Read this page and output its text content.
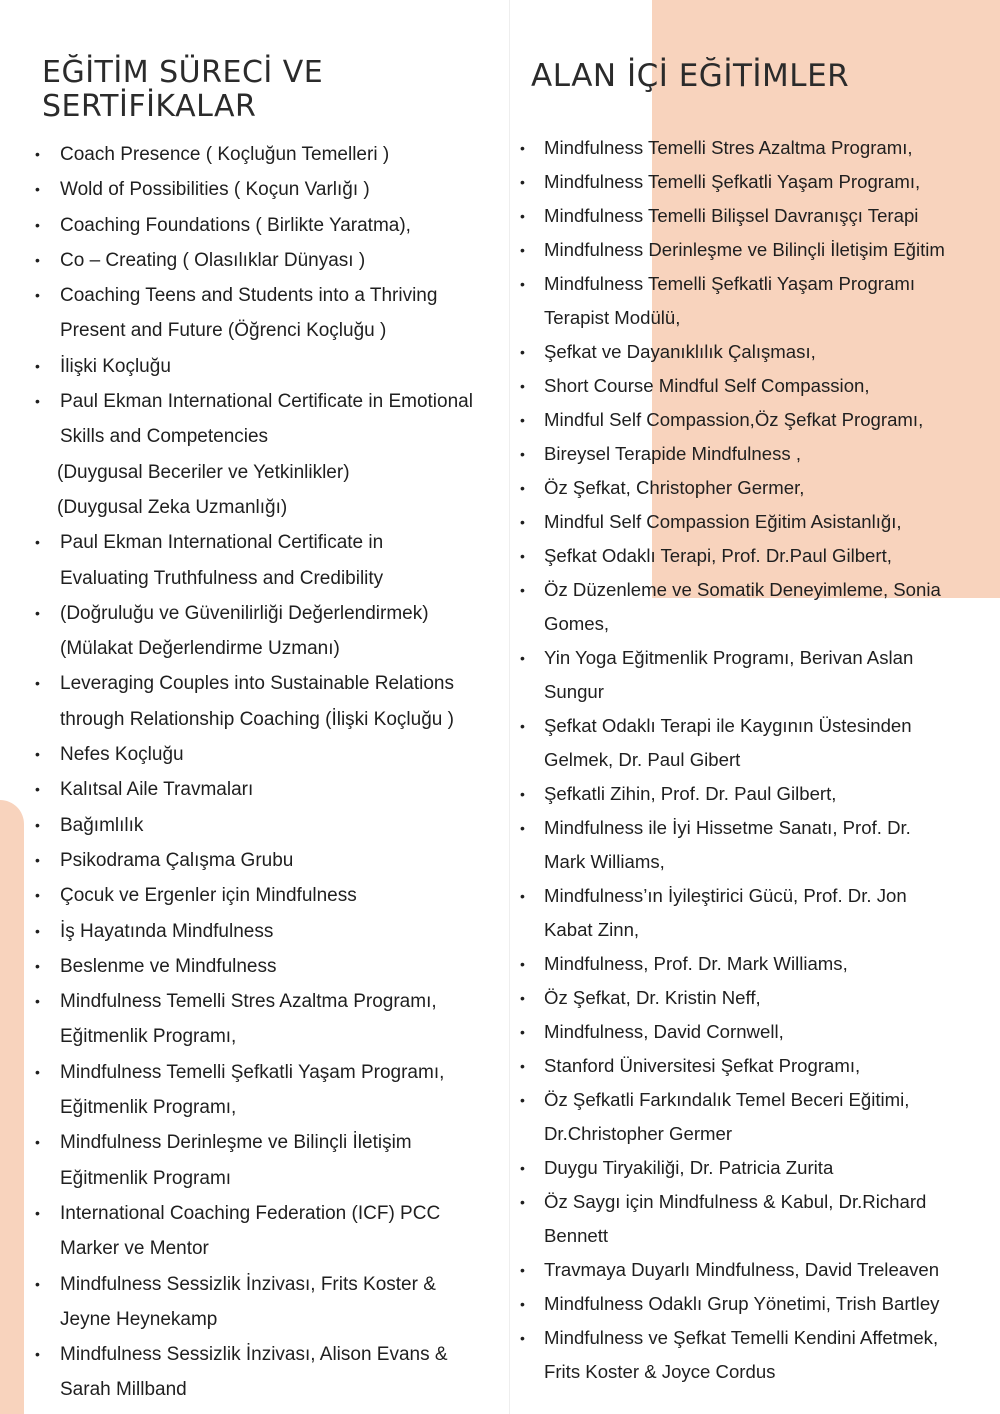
EĞİTİM SÜRECİ VE
SERTİFİKALAR
• Coach Presence ( Koçluğun Temelleri )
• Wold of Possibilities ( Koçun Varlığı )
• Coaching Foundations ( Birlikte Yaratma),
• Co – Creating ( Olasılıklar Dünyası )
• Coaching Teens and Students into a Thriving
Present and Future (Öğrenci Koçluğu )
• İlişki Koçluğu
• Paul Ekman International Certificate in Emotional
Skills and Competencies
(Duygusal Beceriler ve Yetkinlikler)
(Duygusal Zeka Uzmanlığı)
• Paul Ekman International Certificate in
Evaluating Truthfulness and Credibility
• (Doğruluğu ve Güvenilirliği Değerlendirmek)
(Mülakat Değerlendirme Uzmanı)
• Leveraging Couples into Sustainable Relations
through Relationship Coaching (İlişki Koçluğu )
• Nefes Koçluğu
• Kalıtsal Aile Travmaları
• Bağımlılık
• Psikodrama Çalışma Grubu
• Çocuk ve Ergenler için Mindfulness
• İş Hayatında Mindfulness
• Beslenme ve Mindfulness
• Mindfulness Temelli Stres Azaltma Programı,
Eğitmenlik Programı,
• Mindfulness Temelli Şefkatli Yaşam Programı,
Eğitmenlik Programı,
• Mindfulness Derinleşme ve Bilinçli İletişim
Eğitmenlik Programı
• International Coaching Federation (ICF) PCC
Marker ve Mentor
• Mindfulness Sessizlik İnzivası, Frits Koster &
Jeyne Heynekamp
• Mindfulness Sessizlik İnzivası, Alison Evans &
Sarah Millband
ALAN İÇİ EĞİTİMLER
• Mindfulness Temelli Stres Azaltma Programı,
• Mindfulness Temelli Şefkatli Yaşam Programı,
• Mindfulness Temelli Bilişsel Davranışçı Terapi
• Mindfulness Derinleşme ve Bilinçli İletişim Eğitim
• Mindfulness Temelli Şefkatli Yaşam Programı
Terapist Modülü,
• Şefkat ve Dayanıklılık Çalışması,
• Short Course Mindful Self Compassion,
• Mindful Self Compassion,Öz Şefkat Programı,
• Bireysel Terapide Mindfulness ,
• Öz Şefkat, Christopher Germer,
• Mindful Self Compassion Eğitim Asistanlığı,
• Şefkat Odaklı Terapi, Prof. Dr.Paul Gilbert,
• Öz Düzenleme ve Somatik Deneyimleme, Sonia
Gomes,
• Yin Yoga Eğitmenlik Programı, Berivan Aslan
Sungur
• Şefkat Odaklı Terapi ile Kaygının Üstesinden
Gelmek, Dr. Paul Gibert
• Şefkatli Zihin, Prof. Dr. Paul Gilbert,
• Mindfulness ile İyi Hissetme Sanatı, Prof. Dr.
Mark Williams,
• Mindfulness’ın İyileştirici Gücü, Prof. Dr. Jon
Kabat Zinn,
• Mindfulness, Prof. Dr. Mark Williams,
• Öz Şefkat, Dr. Kristin Neff,
• Mindfulness, David Cornwell,
• Stanford Üniversitesi Şefkat Programı,
• Öz Şefkatli Farkındalık Temel Beceri Eğitimi,
Dr.Christopher Germer
• Duygu Tiryakiliği, Dr. Patricia Zurita
• Öz Saygı için Mindfulness & Kabul, Dr.Richard
Bennett
• Travmaya Duyarlı Mindfulness, David Treleaven
• Mindfulness Odaklı Grup Yönetimi, Trish Bartley
• Mindfulness ve Şefkat Temelli Kendini Affetmek,
Frits Koster & Joyce Cordus
